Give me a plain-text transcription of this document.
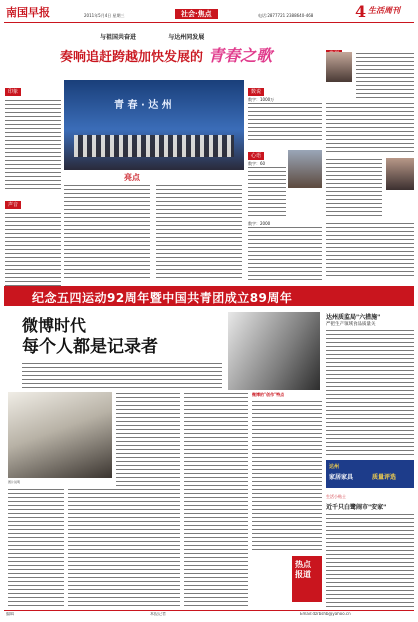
南国早报	2011年5月4日 星期三	社会·焦点	电话:2877721 2388640-468	4 生活周刊
与祖国共奋进	与达州同发展
奏响追赶跨越加快发展的 青春之歌
印象
声音
青 春 · 达 州
亮点
数说
数字：1000万
心语
数字：60
数字：2000
纪念五四运动92周年暨中国共青团成立89周年
微博时代
每个人都是记录者
图片说明
微博的"创作"特点
热点
报道
达州质监局"六措施"
严把生产领域食品质量关
达州
家居家具	质量评选
生活小贴士
近千只白鹭闹市"安家"
编辑	本报记者	Email:dzrbshb@yahoo.cn
